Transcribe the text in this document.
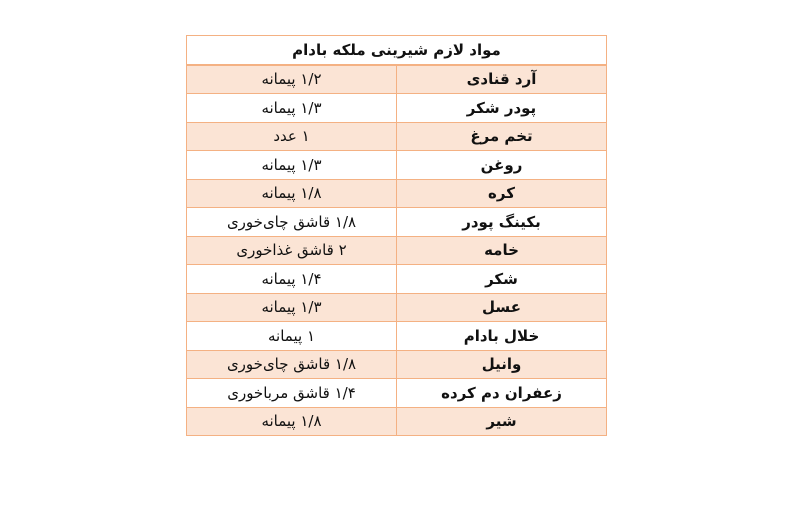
مواد لازم شیرینی ملکه بادام	
آرد قنادی	۱/۲ پیمانه
پودر شکر	۱/۳ پیمانه
تخم مرغ	۱ عدد
روغن	۱/۳ پیمانه
کره	۱/۸ پیمانه
بکینگ پودر	۱/۸ قاشق چای‌خوری
خامه	۲ قاشق غذاخوری
شکر	۱/۴ پیمانه
عسل	۱/۳ پیمانه
خلال بادام	۱ پیمانه
وانیل	۱/۸ قاشق چای‌خوری
زعفران دم کرده	۱/۴ قاشق مرباخوری
شیر	۱/۸ پیمانه
